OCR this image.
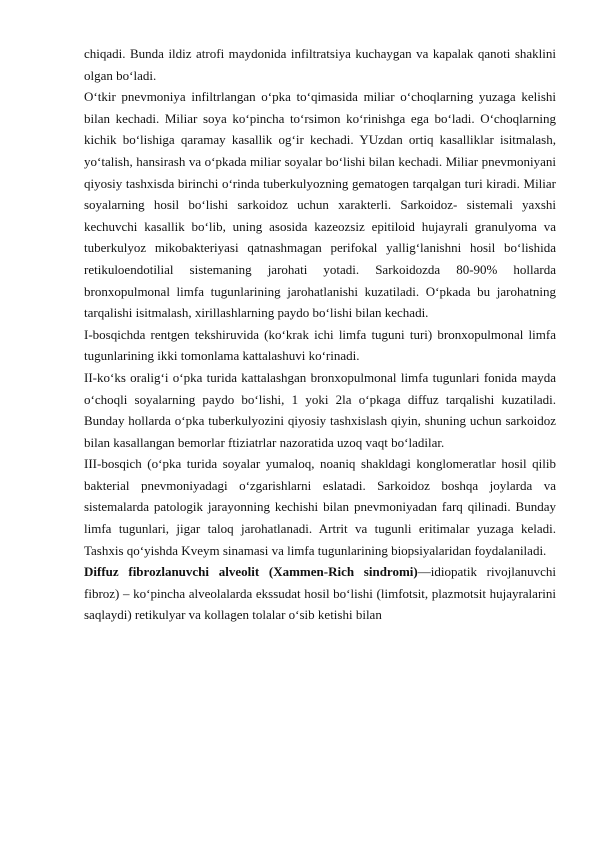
chiqadi. Bunda ildiz atrofi maydonida infiltratsiya kuchaygan va kapalak qanoti shaklini olgan bo‘ladi.

O‘tkir pnevmoniya infiltrlangan o‘pka to‘qimasida miliar o‘choqlarning yuzaga kelishi bilan kechadi. Miliar soya ko‘pincha to‘rsimon ko‘rinishga ega bo‘ladi. O‘choqlarning kichik bo‘lishiga qaramay kasallik og‘ir kechadi. YUzdan ortiq kasalliklar isitmalash, yo‘talish, hansirash va o‘pkada miliar soyalar bo‘lishi bilan kechadi. Miliar pnevmoniyani qiyosiy tashxisda birinchi o‘rinda tuberkulyozning gematogen tarqalgan turi kiradi. Miliar soyalarning hosil bo‘lishi sarkoidoz uchun xarakterli. Sarkoidoz- sistemali yaxshi kechuvchi kasallik bo‘lib, uning asosida kazeozsiz epitiloid hujayrali granulyoma va tuberkulyoz mikobakteriyasi qatnashmagan perifokal yallig‘lanishni hosil bo‘lishida retikuloendotilial sistemaning jarohati yotadi. Sarkoidozda 80-90% hollarda bronxopulmonal limfa tugunlarining jarohatlanishi kuzatiladi. O‘pkada bu jarohatning tarqalishi isitmalash, xirillashlarning paydo bo‘lishi bilan kechadi.

I-bosqichda rentgen tekshiruvida (ko‘krak ichi limfa tuguni turi) bronxopulmonal limfa tugunlarining ikki tomonlama kattalashuvi ko‘rinadi.

II-ko‘ks oralig‘i o‘pka turida kattalashgan bronxopulmonal limfa tugunlari fonida mayda o‘choqli soyalarning paydo bo‘lishi, 1 yoki 2la o‘pkaga diffuz tarqalishi kuzatiladi. Bunday hollarda o‘pka tuberkulyozini qiyosiy tashxislash qiyin, shuning uchun sarkoidoz bilan kasallangan bemorlar ftiziatrlar nazoratida uzoq vaqt bo‘ladilar.

III-bosqich (o‘pka turida soyalar yumaloq, noaniq shakldagi konglomeratlar hosil qilib bakterial pnevmoniyadagi o‘zgarishlarni eslatadi. Sarkoidoz boshqa joylarda va sistemalarda patologik jarayonning kechishi bilan pnevmoniyadan farq qilinadi. Bunday limfa tugunlari, jigar taloq jarohatlanadi. Artrit va tugunli eritimalar yuzaga keladi. Tashxis qo‘yishda Kveym sinamasi va limfa tugunlarining biopsiyalaridan foydalaniladi.

Diffuz fibrozlanuvchi alveolit (Xammen-Rich sindromi)—idiopatik rivojlanuvchi fibroz) – ko‘pincha alveolalarda ekssudat hosil bo‘lishi (limfotsit, plazmotsit hujayralarini saqlaydi) retikulyar va kollagen tolalar o‘sib ketishi bilan
